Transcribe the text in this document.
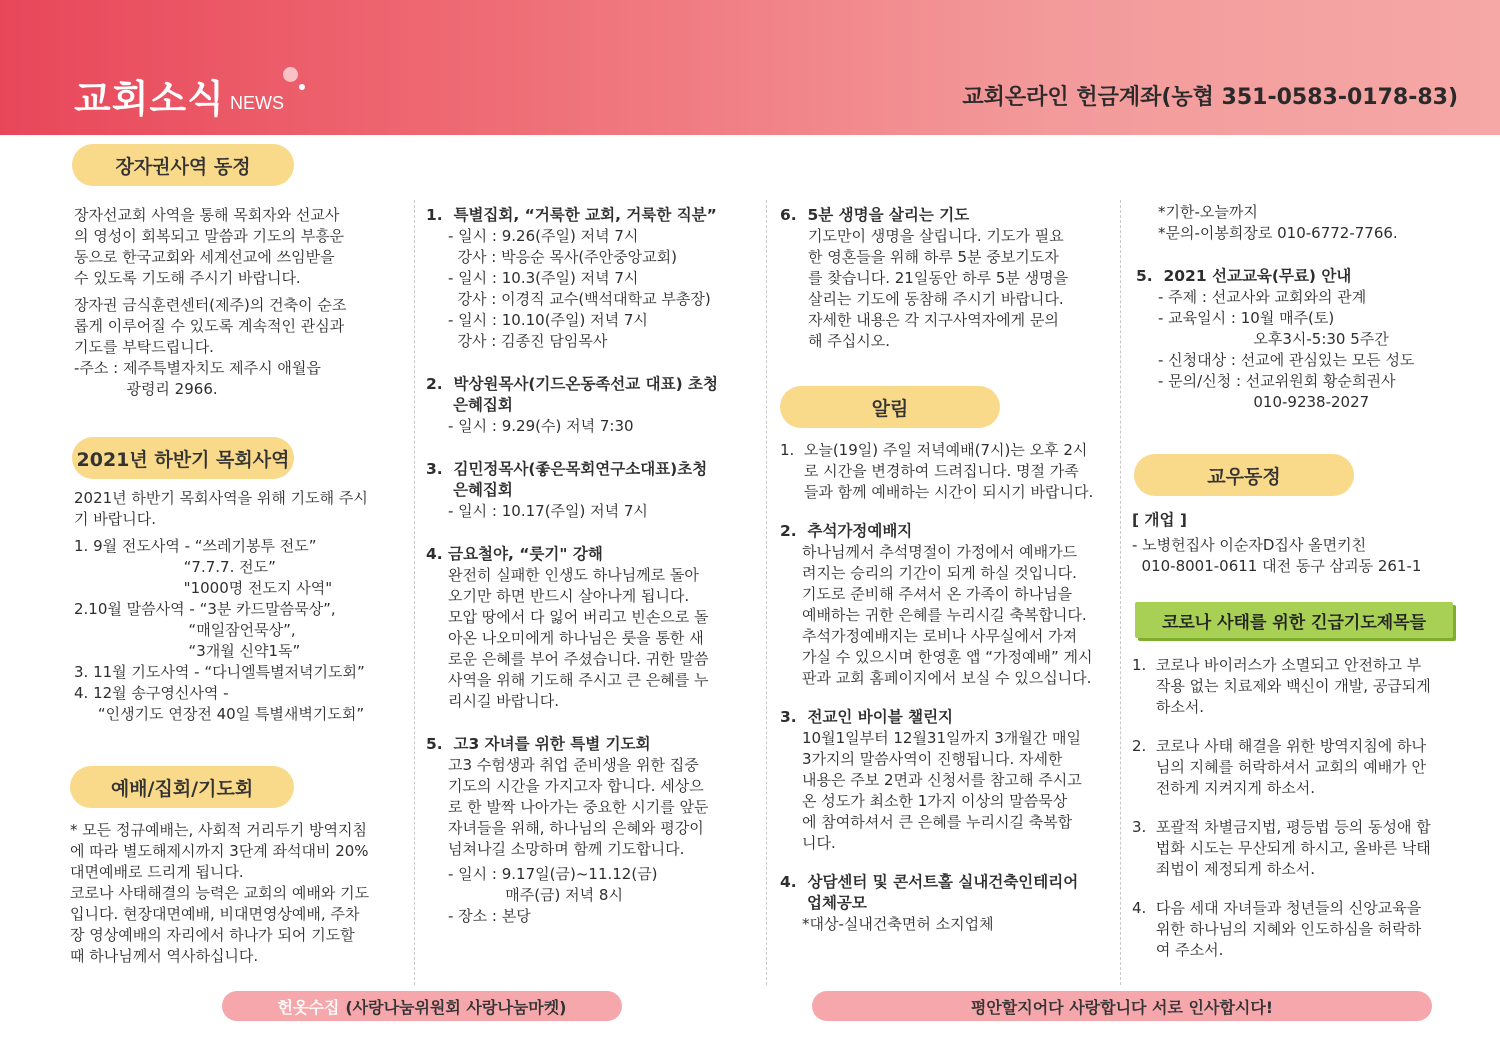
교회소식 NEWS	교회온라인 헌금계좌(농협 351-0583-0178-83)
장자권사역 동정

장자선교회 사역을 통해 목회자와 선교사
의 영성이 회복되고 말씀과 기도의 부흥운
동으로 한국교회와 세계선교에 쓰임받을
수 있도록 기도해 주시기 바랍니다.

장자권 금식훈련센터(제주)의 건축이 순조
롭게 이루어질 수 있도록 계속적인 관심과
기도를 부탁드립니다.
-주소 : 제주특별자치도 제주시 애월읍
광령리 2966.

2021년 하반기 목회사역

2021년 하반기 목회사역을 위해 기도해 주시
기 바랍니다.

1. 9월 전도사역 - “쓰레기봉투 전도”
“7.7.7. 전도”
"1000명 전도지 사역"
2.10월 말씀사역 - “3분 카드말씀묵상”,
“매일잠언묵상”,
“3개월 신약1독”
3. 11월 기도사역 - “다니엘특별저녁기도회”
4. 12월 송구영신사역 -
“인생기도 연장전 40일 특별새벽기도회”

예배/집회/기도회

* 모든 정규예배는, 사회적 거리두기 방역지침
에 따라 별도해제시까지 3단계 좌석대비 20%
대면예배로 드리게 됩니다.
코로나 사태해결의 능력은 교회의 예배와 기도
입니다. 현장대면예배, 비대면영상예배, 주차
장 영상예배의 자리에서 하나가 되어 기도할
때 하나님께서 역사하십니다.

1.  특별집회, “거룩한 교회, 거룩한 직분”
- 일시 : 9.26(주일) 저녁 7시
강사 : 박응순 목사(주안중앙교회)
- 일시 : 10.3(주일) 저녁 7시
강사 : 이경직 교수(백석대학교 부총장)
- 일시 : 10.10(주일) 저녁 7시
강사 : 김종진 담임목사
2.  박상원목사(기드온동족선교 대표) 초청
은혜집회
- 일시 : 9.29(수) 저녁 7:30
3.  김민정목사(좋은목회연구소대표)초청
은혜집회
- 일시 : 10.17(주일) 저녁 7시
4. 금요철야, “룻기" 강해
완전히 실패한 인생도 하나님께로 돌아
오기만 하면 반드시 살아나게 됩니다.
모압 땅에서 다 잃어 버리고 빈손으로 돌
아온 나오미에게 하나님은 룻을 통한 새
로운 은혜를 부어 주셨습니다. 귀한 말씀
사역을 위해 기도해 주시고 큰 은혜를 누
리시길 바랍니다.
5.  고3 자녀를 위한 특별 기도회
고3 수험생과 취업 준비생을 위한 집중
기도의 시간을 가지고자 합니다. 세상으
로 한 발짝 나아가는 중요한 시기를 앞둔
자녀들을 위해, 하나님의 은혜와 평강이
넘쳐나길 소망하며 함께 기도합니다.
- 일시 : 9.17일(금)~11.12(금)
매주(금) 저녁 8시
- 장소 : 본당
6.  5분 생명을 살리는 기도
기도만이 생명을 살립니다. 기도가 필요
한 영혼들을 위해 하루 5분 중보기도자
를 찾습니다. 21일동안 하루 5분 생명을
살리는 기도에 동참해 주시기 바랍니다.
자세한 내용은 각 지구사역자에게 문의
해 주십시오.
알림
1.  오늘(19일) 주일 저녁예배(7시)는 오후 2시
로 시간을 변경하여 드려집니다. 명절 가족
들과 함께 예배하는 시간이 되시기 바랍니다.
2.  추석가정예배지
하나님께서 추석명절이 가정에서 예배가드
려지는 승리의 기간이 되게 하실 것입니다.
기도로 준비해 주셔서 온 가족이 하나님을
예배하는 귀한 은혜를 누리시길 축복합니다.
추석가정예배지는 로비나 사무실에서 가져
가실 수 있으시며 한영훈 앱 “가정예배” 게시
판과 교회 홈페이지에서 보실 수 있으십니다.
3.  전교인 바이블 챌린지
10월1일부터 12월31일까지 3개월간 매일
3가지의 말씀사역이 진행됩니다. 자세한
내용은 주보 2면과 신청서를 참고해 주시고
온 성도가 최소한 1가지 이상의 말씀묵상
에 참여하셔서 큰 은혜를 누리시길 축복합
니다.
4.  상담센터 및 콘서트홀 실내건축인테리어
업체공모
*대상-실내건축면허 소지업체
*기한-오늘까지
*문의-이봉희장로 010-6772-7766.
5.  2021 선교교육(무료) 안내
- 주제 : 선교사와 교회와의 관계
- 교육일시 : 10월 매주(토)
오후3시-5:30 5주간
- 신청대상 : 선교에 관심있는 모든 성도
- 문의/신청 : 선교위원회 황순희권사
010-9238-2027
교우동정
[ 개업 ]
- 노병헌집사 이순자D집사 올면키친
010-8001-0611 대전 동구 삼괴동 261-1
코로나 사태를 위한 긴급기도제목들
1.  코로나 바이러스가 소멸되고 안전하고 부
작용 없는 치료제와 백신이 개발, 공급되게
하소서.
2.  코로나 사태 해결을 위한 방역지침에 하나
님의 지혜를 허락하셔서 교회의 예배가 안
전하게 지켜지게 하소서.
3.  포괄적 차별금지법, 평등법 등의 동성애 합
법화 시도는 무산되게 하시고, 올바른 낙태
죄법이 제정되게 하소서.
4.  다음 세대 자녀들과 청년들의 신앙교육을
위한 하나님의 지혜와 인도하심을 허락하
여 주소서.
헌옷수집 (사랑나눔위원회 사랑나눔마켓)	평안할지어다 사랑합니다 서로 인사합시다!
